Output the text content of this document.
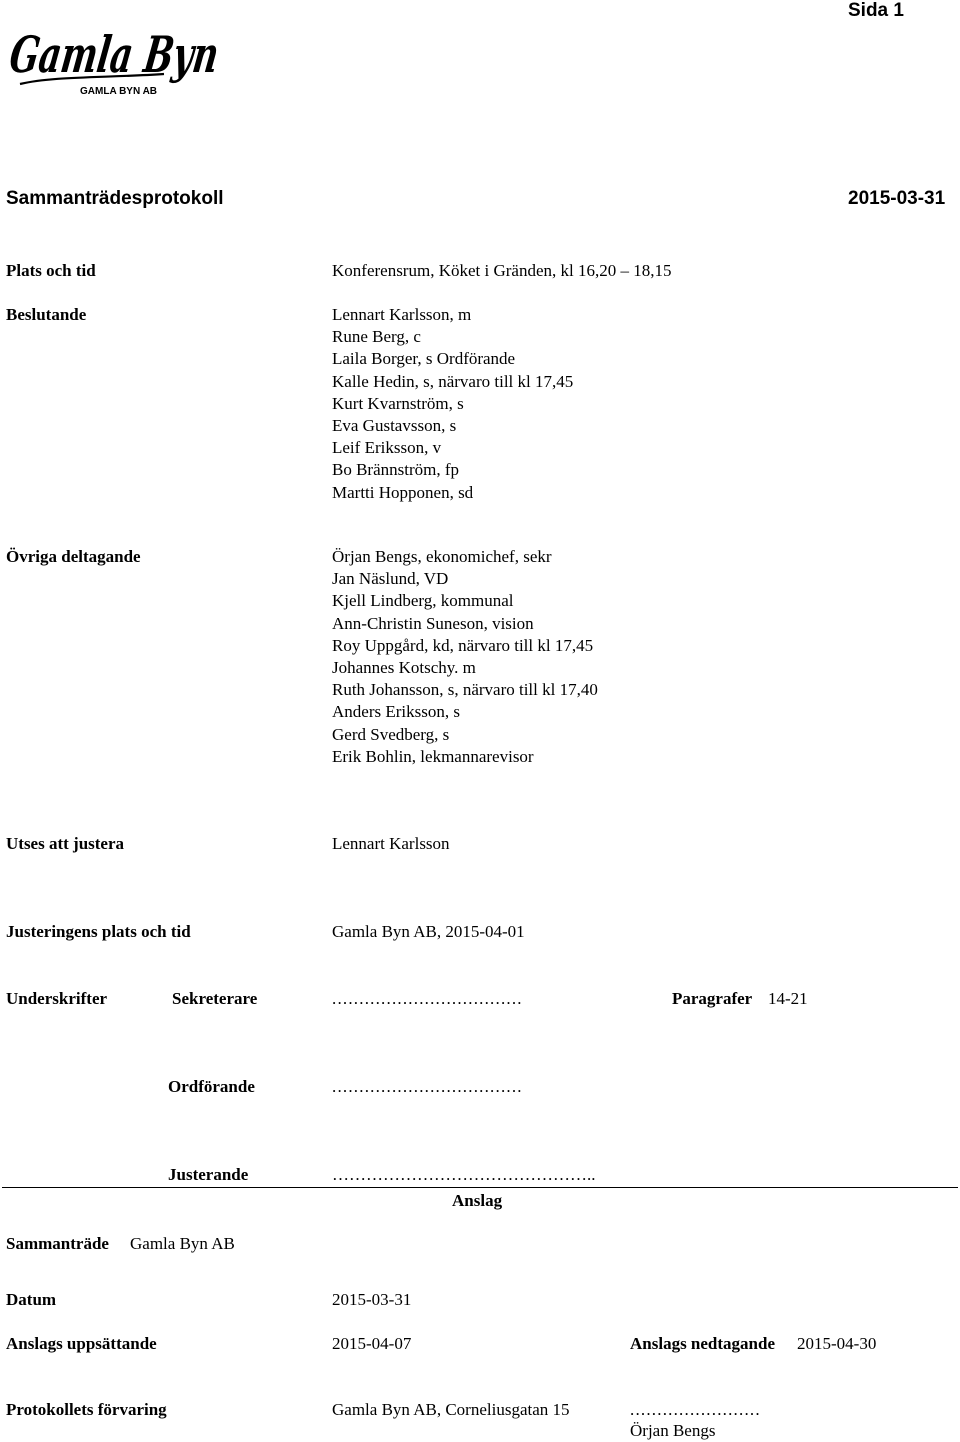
Sida 1
Gamla Byn
GAMLA BYN AB
Sammanträdesprotokoll	2015-03-31
Plats och tid	Konferensrum, Köket i Gränden, kl 16,20 – 18,15
Beslutande	Lennart Karlsson, m
Rune Berg, c
Laila Borger, s Ordförande
Kalle Hedin, s, närvaro till kl 17,45
Kurt Kvarnström, s
Eva Gustavsson, s
Leif Eriksson, v
Bo Brännström, fp
Martti Hopponen, sd
Övriga deltagande	Örjan Bengs, ekonomichef, sekr
Jan Näslund, VD
Kjell Lindberg, kommunal
Ann-Christin Suneson, vision
Roy Uppgård, kd, närvaro till kl 17,45
Johannes Kotschy. m
Ruth Johansson, s, närvaro till kl 17,40
Anders Eriksson, s
Gerd Svedberg, s
Erik Bohlin, lekmannarevisor
Utses att justera	Lennart Karlsson
Justeringens plats och tid	Gamla Byn AB, 2015-04-01
Underskrifter	Sekreterare	...................................	Paragrafer 14-21
Ordförande	...................................
Justerande	………………………………………..
Anslag
Sammanträde Gamla Byn AB
Datum	2015-03-31
Anslags uppsättande	2015-04-07	Anslags nedtagande 2015-04-30
Protokollets förvaring	Gamla Byn AB, Corneliusgatan 15	........................
Örjan Bengs
